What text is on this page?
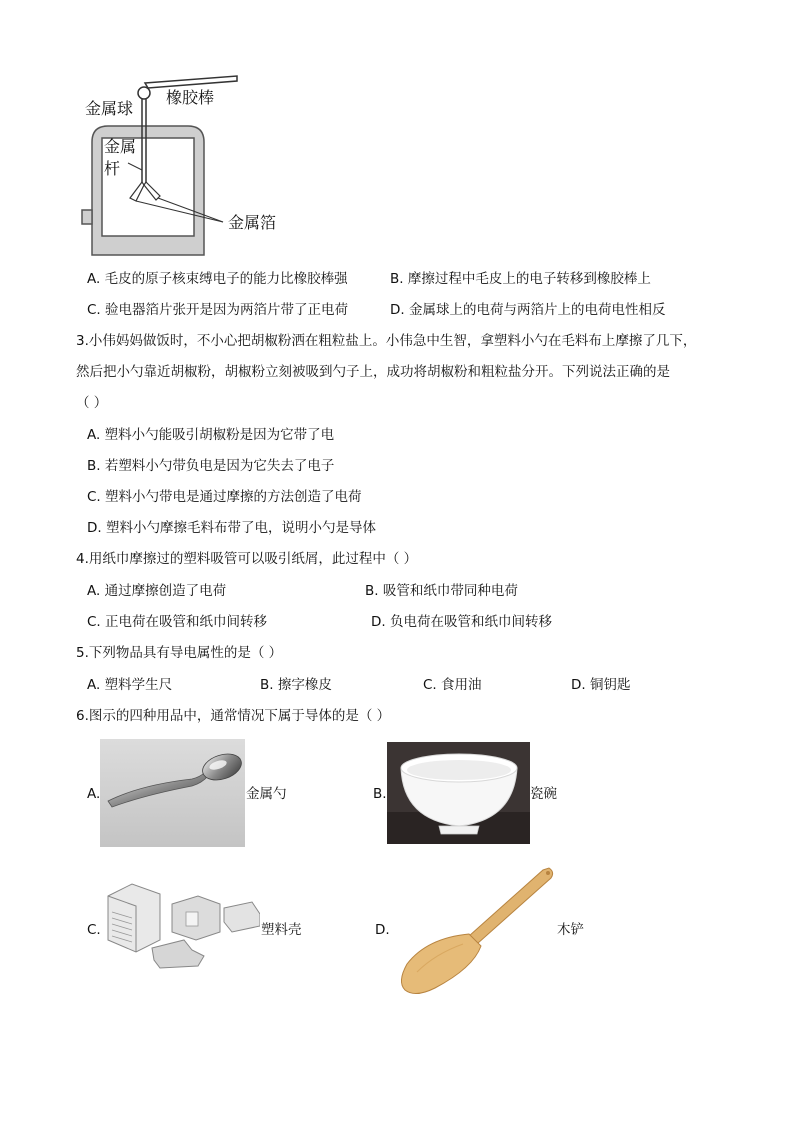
金属球
橡胶棒
金属
杆
金属箔
A. 毛皮的原子核束缚电子的能力比橡胶棒强	B. 摩擦过程中毛皮上的电子转移到橡胶棒上
C. 验电器箔片张开是因为两箔片带了正电荷	D. 金属球上的电荷与两箔片上的电荷电性相反
3.小伟妈妈做饭时，不小心把胡椒粉洒在粗粒盐上。小伟急中生智，拿塑料小勺在毛料布上摩擦了几下，
然后把小勺靠近胡椒粉，胡椒粉立刻被吸到勺子上，成功将胡椒粉和粗粒盐分开。下列说法正确的是
（ ）
A. 塑料小勺能吸引胡椒粉是因为它带了电
B. 若塑料小勺带负电是因为它失去了电子
C. 塑料小勺带电是通过摩擦的方法创造了电荷
D. 塑料小勺摩擦毛料布带了电，说明小勺是导体
4.用纸巾摩擦过的塑料吸管可以吸引纸屑，此过程中（ ）
A. 通过摩擦创造了电荷	B. 吸管和纸巾带同种电荷
C. 正电荷在吸管和纸巾间转移	D. 负电荷在吸管和纸巾间转移
5.下列物品具有导电属性的是（ ）
A. 塑料学生尺	B. 擦字橡皮	C. 食用油	D. 铜钥匙
6.图示的四种用品中，通常情况下属于导体的是（ ）
A.	金属勺	B.	瓷碗
C.	塑料壳	D.	木铲
